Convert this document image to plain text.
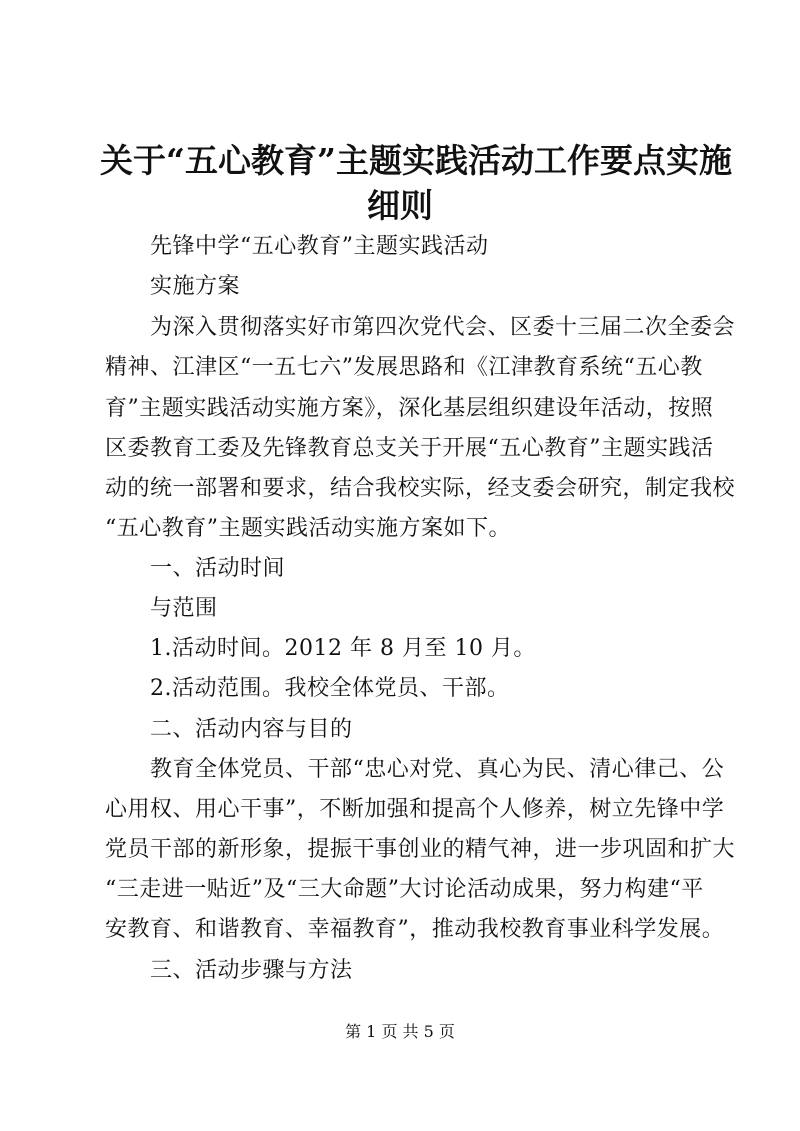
关于“五心教育”主题实践活动工作要点实施
细则
先锋中学“五心教育”主题实践活动
实施方案
为深入贯彻落实好市第四次党代会、区委十三届二次全委会
精神、江津区“一五七六”发展思路和《江津教育系统“五心教
育”主题实践活动实施方案》，深化基层组织建设年活动，按照
区委教育工委及先锋教育总支关于开展“五心教育”主题实践活
动的统一部署和要求，结合我校实际，经支委会研究，制定我校
“五心教育”主题实践活动实施方案如下。
一、活动时间
与范围
1.活动时间。2012 年 8 月至 10 月。
2.活动范围。我校全体党员、干部。
二、活动内容与目的
教育全体党员、干部“忠心对党、真心为民、清心律己、公
心用权、用心干事”，不断加强和提高个人修养，树立先锋中学
党员干部的新形象，提振干事创业的精气神，进一步巩固和扩大
“三走进一贴近”及“三大命题”大讨论活动成果，努力构建“平
安教育、和谐教育、幸福教育”，推动我校教育事业科学发展。
三、活动步骤与方法
第 1 页 共 5 页
